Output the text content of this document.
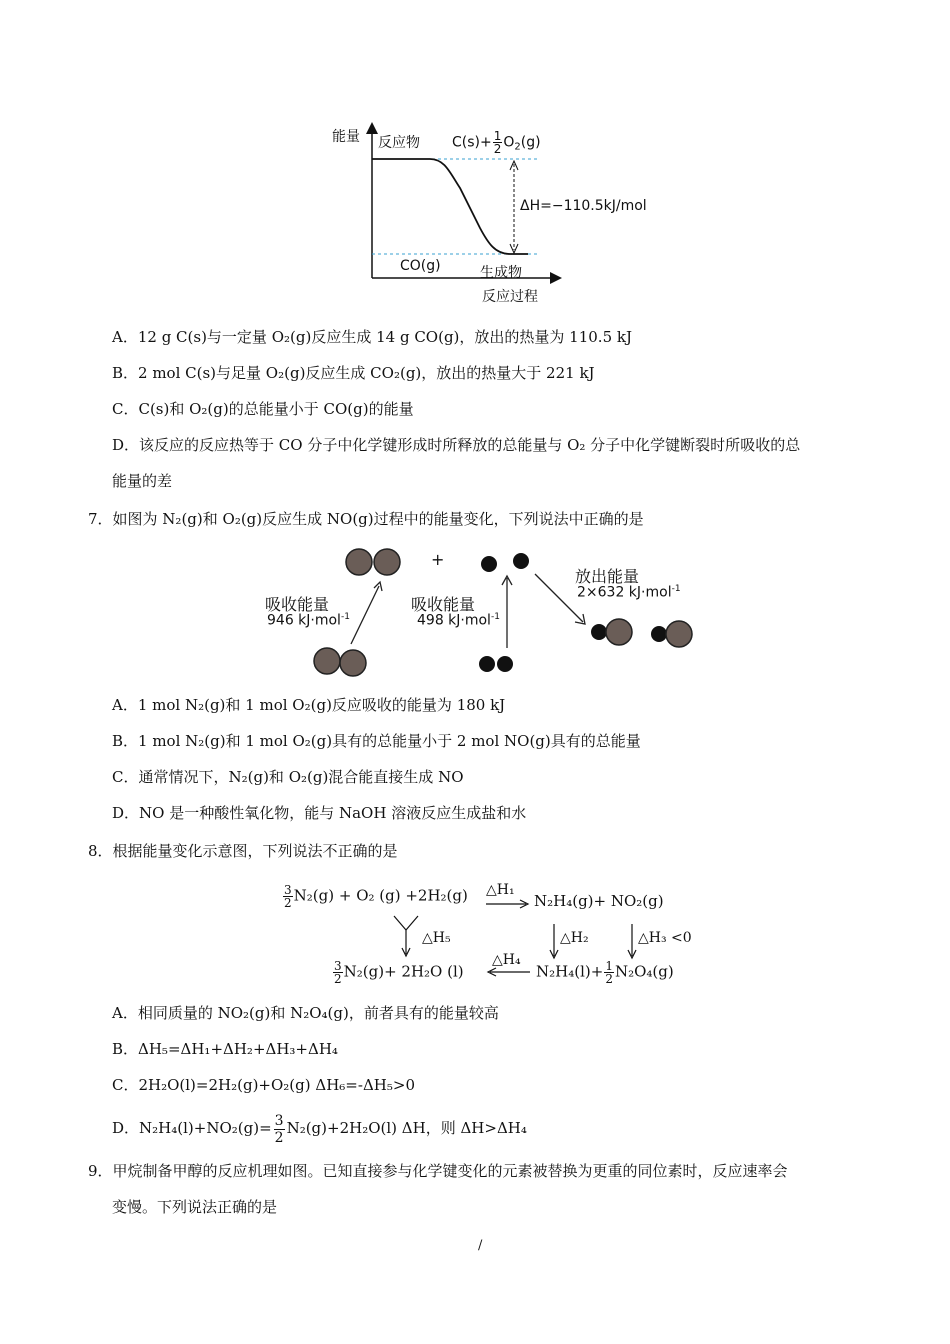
能量 反应物 $C(s)+ \frac{1}{2} O_2(g)$
ΔH=−110.5kJ/mol
CO(g)	生成物
反应过程
A．12 g C(s)与一定量 O₂(g)反应生成 14 g CO(g)，放出的热量为 110.5 kJ
B．2 mol C(s)与足量 O₂(g)反应生成 CO₂(g)，放出的热量大于 221 kJ
C．C(s)和 O₂(g)的总能量小于 CO(g)的能量
D．该反应的反应热等于 CO 分子中化学键形成时所释放的总能量与 O₂ 分子中化学键断裂时所吸收的总
能量的差
7．如图为 N₂(g)和 O₂(g)反应生成 NO(g)过程中的能量变化，下列说法中正确的是
+
吸收能量
946 kJ·mol$^{-1}$
吸收能量
498 kJ·mol$^{-1}$
放出能量
2×632 kJ·mol$^{-1}$
A．1 mol N₂(g)和 1 mol O₂(g)反应吸收的能量为 180 kJ
B．1 mol N₂(g)和 1 mol O₂(g)具有的总能量小于 2 mol NO(g)具有的总能量
C．通常情况下，N₂(g)和 O₂(g)混合能直接生成 NO
D．NO 是一种酸性氧化物，能与 NaOH 溶液反应生成盐和水
8．根据能量变化示意图，下列说法不正确的是
$\frac{3}{2} N_2(g) + O_2$ (g) +2H₂(g) △H₁
N₂H₄(g)+ NO₂(g)
△H₅	△H₂	△H₃ <0
$\frac{3}{2} N_2(g)+ 2H_2O$ (l)
△H₄
$N_2H_4(l)+ \frac{1}{2} N_2O_4(g)$
A．相同质量的 NO₂(g)和 N₂O₄(g)，前者具有的能量较高
B．ΔH₅=ΔH₁+ΔH₂+ΔH₃+ΔH₄
C．2H₂O(l)=2H₂(g)+O₂(g) ΔH₆=-ΔH₅>0
D．$N_2H_4(l)+NO_2(g)= \frac{3}{2} N_2(g)+2H_2O(l)$ ΔH，则 ΔH>ΔH₄
9．甲烷制备甲醇的反应机理如图。已知直接参与化学键变化的元素被替换为更重的同位素时，反应速率会
变慢。下列说法正确的是
/
